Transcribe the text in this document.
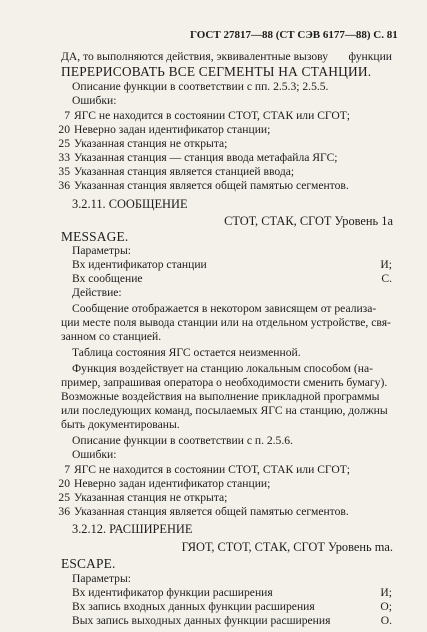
ГОСТ 27817—88 (СТ СЭВ 6177—88) С. 81
ДА, то выполняются действия, эквивалентные вызову функции
ПЕРЕРИСОВАТЬ ВСЕ СЕГМЕНТЫ НА СТАНЦИИ.
Описание функции в соответствии с пп. 2.5.3; 2.5.5.
Ошибки:
7 ЯГС не находится в состоянии СТОТ, СТАК или СГОТ;
20 Неверно задан идентификатор станции;
25 Указанная станция не открыта;
33 Указанная станция — станция ввода метафайла ЯГС;
35 Указанная станция является станцией ввода;
36 Указанная станция является общей памятью сегментов.
3.2.11. СООБЩЕНИЕ
СТОТ, СТАК, СГОТ Уровень 1a
MESSAGE.
Параметры:
Вх идентификатор станции	И;
Вх сообщение	С.
Действие:
Сообщение отображается в некотором зависящем от реализа-
ции месте поля вывода станции или на отдельном устройстве, свя-
занном со станцией.
Таблица состояния ЯГС остается неизменной.
Функция воздействует на станцию локальным способом (на-
пример, запрашивая оператора о необходимости сменить бумагу).
Возможные воздействия на выполнение прикладной программы
или последующих команд, посылаемых ЯГС на станцию, должны
быть документированы.
Описание функции в соответствии с п. 2.5.6.
Ошибки:
7 ЯГС не находится в состоянии СТОТ, СТАК или СГОТ;
20 Неверно задан идентификатор станции;
25 Указанная станция не открыта;
36 Указанная станция является общей памятью сегментов.
3.2.12. РАСШИРЕНИЕ
ГЯОТ, СТОТ, СТАК, СГОТ Уровень ma.
ESCAPE.
Параметры:
Вх идентификатор функции расширения	И;
Вх запись входных данных функции расширения	О;
Вых запись выходных данных функции расширения	О.
